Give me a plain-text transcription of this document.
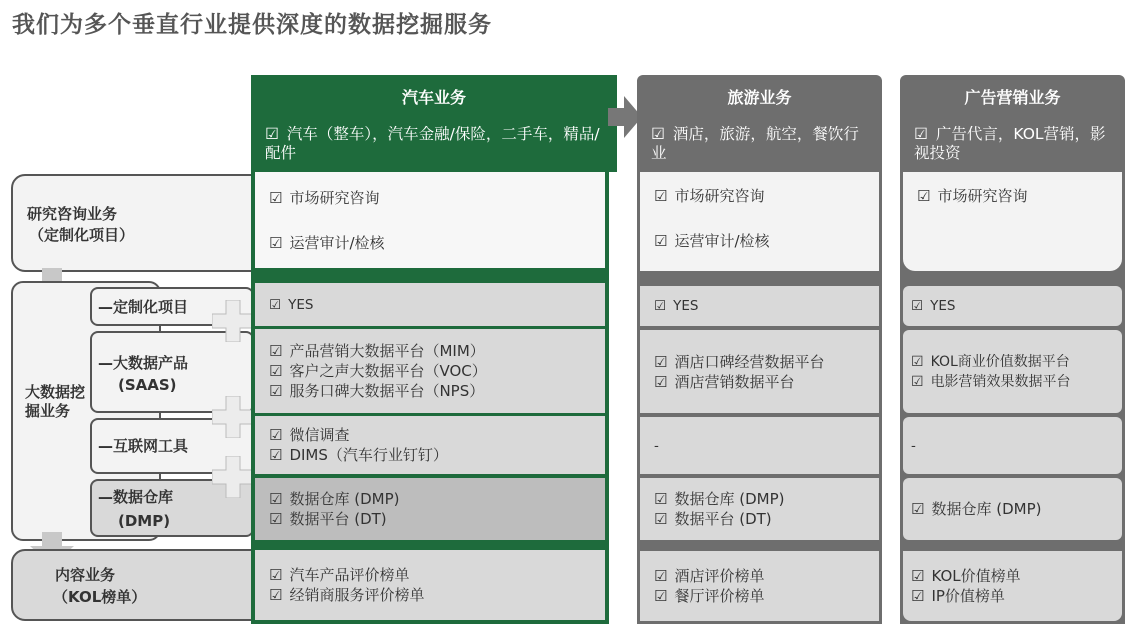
我们为多个垂直行业提供深度的数据挖掘服务
研究咨询业务
（定制化项目）
大数据挖掘业务
—定制化项目
—大数据产品
(SAAS)
—互联网工具
—数据仓库
(DMP)
内容业务
（KOL榜单）
汽车业务
☑ 汽车（整车），汽车金融/保险，二手车，精品/配件
☑ 市场研究咨询
☑ 运营审计/检核
☑ YES
☑ 产品营销大数据平台（MIM）
☑ 客户之声大数据平台（VOC）
☑ 服务口碑大数据平台（NPS）
☑ 微信调查
☑ DIMS（汽车行业钉钉）
☑ 数据仓库 (DMP)
☑ 数据平台 (DT)
☑ 汽车产品评价榜单
☑ 经销商服务评价榜单
旅游业务
☑ 酒店，旅游，航空，餐饮行业
☑ 市场研究咨询
☑ 运营审计/检核
☑ YES
☑ 酒店口碑经营数据平台
☑ 酒店营销数据平台
-
☑ 数据仓库 (DMP)
☑ 数据平台 (DT)
☑ 酒店评价榜单
☑ 餐厅评价榜单
广告营销业务
☑ 广告代言，KOL营销，影视投资
☑ 市场研究咨询
☑ YES
☑ KOL商业价值数据平台
☑ 电影营销效果数据平台
-
☑ 数据仓库 (DMP)
☑ KOL价值榜单
☑ IP价值榜单
